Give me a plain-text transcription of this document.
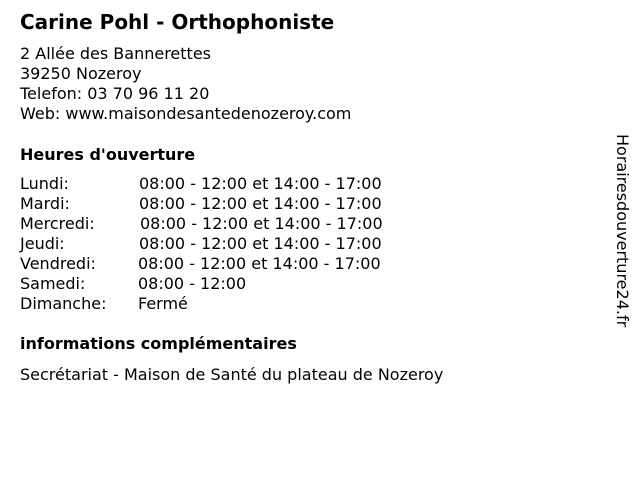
Carine Pohl - Orthophoniste
2 Allée des Bannerettes
39250 Nozeroy
Telefon: 03 70 96 11 20
Web: www.maisondesantedenozeroy.com
Heures d'ouverture
Lundi:	08:00 - 12:00 et 14:00 - 17:00
Mardi:	08:00 - 12:00 et 14:00 - 17:00
Mercredi:	08:00 - 12:00 et 14:00 - 17:00
Jeudi:	08:00 - 12:00 et 14:00 - 17:00
Vendredi:	08:00 - 12:00 et 14:00 - 17:00
Samedi:	08:00 - 12:00
Dimanche: Fermé
informations complémentaires
Secrétariat - Maison de Santé du plateau de Nozeroy
Horairesdouverture24.fr
